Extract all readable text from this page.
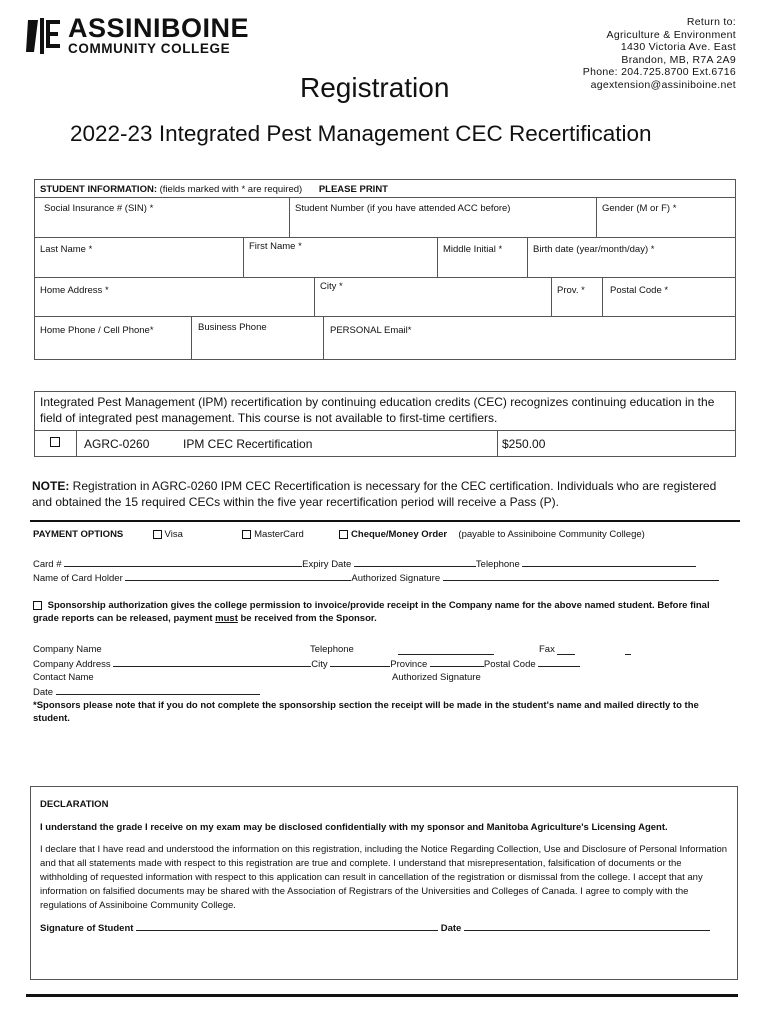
ASSINIBOINE
COMMUNITY COLLEGE
Return to:
Agriculture & Environment
1430 Victoria Ave. East
Brandon, MB, R7A 2A9
Phone: 204.725.8700 Ext.6716
agextension@assiniboine.net
Registration
2022-23 Integrated Pest Management CEC Recertification
STUDENT INFORMATION: (fields marked with * are required) PLEASE PRINT
Social Insurance # (SIN) *	Student Number (if you have attended ACC before)	Gender (M or F) *
Last Name *	First Name *	Middle Initial *	Birth date (year/month/day) *
Home Address *	City *	Prov. *	Postal Code *
Home Phone / Cell Phone*	Business Phone	PERSONAL Email*
Integrated Pest Management (IPM) recertification by continuing education credits (CEC) recognizes continuing education in the field of integrated pest management. This course is not available to first-time certifiers.
AGRC-0260	IPM CEC Recertification	$250.00
NOTE: Registration in AGRC-0260 IPM CEC Recertification is necessary for the CEC certification. Individuals who are registered and obtained the 15 required CECs within the five year recertification period will receive a Pass (P).
PAYMENT OPTIONS	Visa	MasterCard	Cheque/Money Order (payable to Assiniboine Community College)
Card #	Expiry Date	Telephone
Name of Card Holder	Authorized Signature
Sponsorship authorization gives the college permission to invoice/provide receipt in the Company name for the above named student. Before final grade reports can be released, payment must be received from the Sponsor.
Company Name	Telephone	Fax
Company Address	City	Province	Postal Code
Contact Name	Authorized Signature
Date
*Sponsors please note that if you do not complete the sponsorship section the receipt will be made in the student's name and mailed directly to the student.
DECLARATION
I understand the grade I receive on my exam may be disclosed confidentially with my sponsor and Manitoba Agriculture's Licensing Agent.
I declare that I have read and understood the information on this registration, including the Notice Regarding Collection, Use and Disclosure of Personal Information and that all statements made with respect to this registration are true and complete. I understand that misrepresentation, falsification of documents or the withholding of requested information with respect to this application can result in cancellation of the registration or dismissal from the college. I accept that any information on falsified documents may be shared with the Association of Registrars of the Universities and Colleges of Canada. I agree to comply with the regulations of Assiniboine Community College.
Signature of Student	Date
